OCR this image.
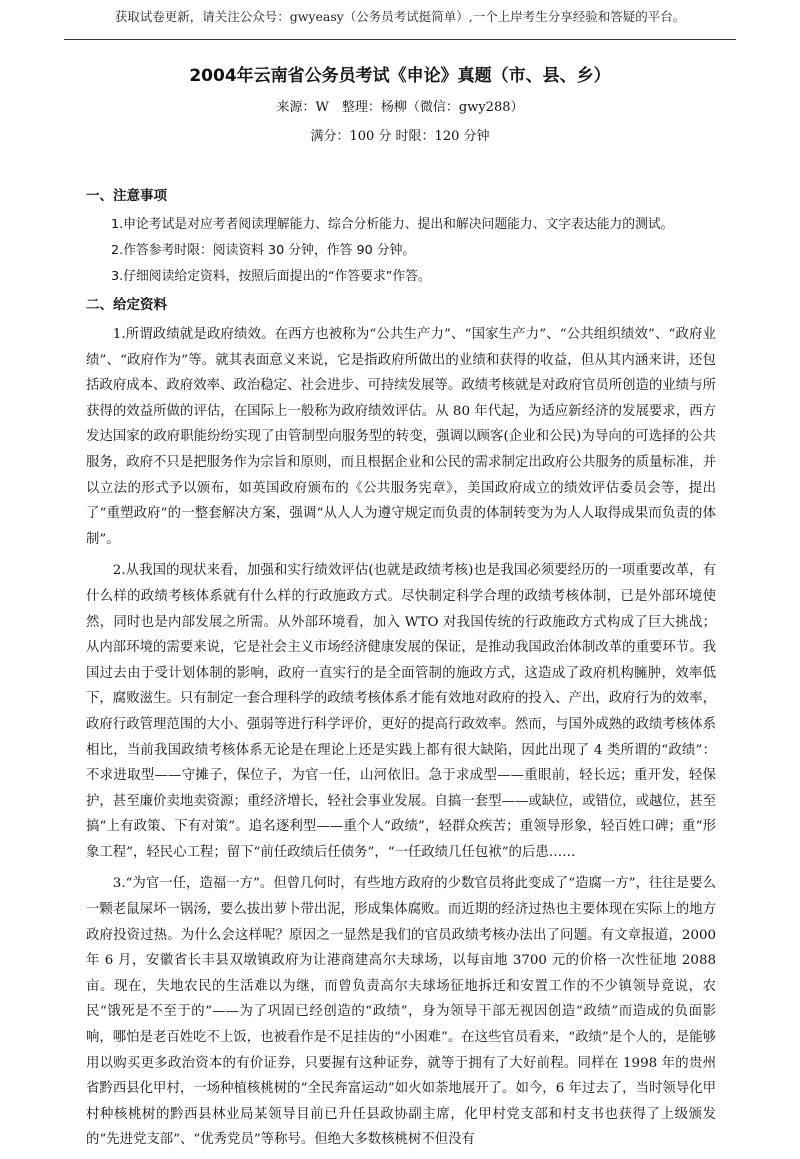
获取试卷更新，请关注公众号：gwyeasy（公务员考试挺简单）,一个上岸考生分享经验和答疑的平台。
2004年云南省公务员考试《申论》真题（市、县、乡）
来源：W　整理：杨柳（微信：gwy288）
满分：100 分 时限：120 分钟

一、注意事项

1.申论考试是对应考者阅读理解能力、综合分析能力、提出和解决问题能力、文字表达能力的测试。

2.作答参考时限：阅读资料 30 分钟，作答 90 分钟。

3.仔细阅读给定资料，按照后面提出的“作答要求”作答。

二、给定资料

1.所谓政绩就是政府绩效。在西方也被称为“公共生产力”、“国家生产力”、“公共组织绩效”、“政府业绩”、“政府作为”等。就其表面意义来说，它是指政府所做出的业绩和获得的收益，但从其内涵来讲，还包括政府成本、政府效率、政治稳定、社会进步、可持续发展等。政绩考核就是对政府官员所创造的业绩与所获得的效益所做的评估，在国际上一般称为政府绩效评估。从 80 年代起，为适应新经济的发展要求，西方发达国家的政府职能纷纷实现了由管制型向服务型的转变，强调以顾客(企业和公民)为导向的可选择的公共服务，政府不只是把服务作为宗旨和原则，而且根据企业和公民的需求制定出政府公共服务的质量标准，并以立法的形式予以颁布，如英国政府颁布的《公共服务宪章》，美国政府成立的绩效评估委员会等，提出了“重塑政府”的一整套解决方案，强调“从人人为遵守规定而负责的体制转变为为人人取得成果而负责的体制”。

2.从我国的现状来看，加强和实行绩效评估(也就是政绩考核)也是我国必须要经历的一项重要改革，有什么样的政绩考核体系就有什么样的行政施政方式。尽快制定科学合理的政绩考核体制，已是外部环境使然，同时也是内部发展之所需。从外部环境看，加入 WTO 对我国传统的行政施政方式构成了巨大挑战；从内部环境的需要来说，它是社会主义市场经济健康发展的保证，是推动我国政治体制改革的重要环节。我国过去由于受计划体制的影响，政府一直实行的是全面管制的施政方式，这造成了政府机构臃肿，效率低下，腐败滋生。只有制定一套合理科学的政绩考核体系才能有效地对政府的投入、产出，政府行为的效率，政府行政管理范围的大小、强弱等进行科学评价，更好的提高行政效率。然而，与国外成熟的政绩考核体系相比，当前我国政绩考核体系无论是在理论上还是实践上都有很大缺陷，因此出现了 4 类所谓的“政绩”：不求进取型——守摊子，保位子，为官一任，山河依旧。急于求成型——重眼前，轻长远；重开发，轻保护，甚至廉价卖地卖资源；重经济增长，轻社会事业发展。自搞一套型——或缺位，或错位，或越位，甚至搞“上有政策、下有对策”。追名逐利型——重个人“政绩”，轻群众疾苦；重领导形象，轻百姓口碑；重“形象工程”，轻民心工程；留下“前任政绩后任债务”，“一任政绩几任包袱”的后患……

3.“为官一任，造福一方”。但曾几何时，有些地方政府的少数官员将此变成了“造腐一方”，往往是要么一颗老鼠屎坏一锅汤，要么拔出萝卜带出泥，形成集体腐败。而近期的经济过热也主要体现在实际上的地方政府投资过热。为什么会这样呢？原因之一显然是我们的官员政绩考核办法出了问题。有文章报道，2000 年 6 月，安徽省长丰县双墩镇政府为让港商建高尔夫球场，以每亩地 3700 元的价格一次性征地 2088 亩。现在，失地农民的生活难以为继，而曾负责高尔夫球场征地拆迁和安置工作的不少镇领导竟说，农民“饿死是不至于的”——为了巩固已经创造的“政绩”，身为领导干部无视因创造“政绩”而造成的负面影响，哪怕是老百姓吃不上饭，也被看作是不足挂齿的“小困难”。在这些官员看来，“政绩”是个人的，是能够用以购买更多政治资本的有价证券，只要握有这种证券，就等于拥有了大好前程。同样在 1998 年的贵州省黔西县化甲村，一场种植核桃树的“全民奔富运动”如火如荼地展开了。如今，6 年过去了，当时领导化甲村种核桃树的黔西县林业局某领导目前已升任县政协副主席，化甲村党支部和村支书也获得了上级颁发的“先进党支部”、“优秀党员”等称号。但绝大多数核桃树不但没有
